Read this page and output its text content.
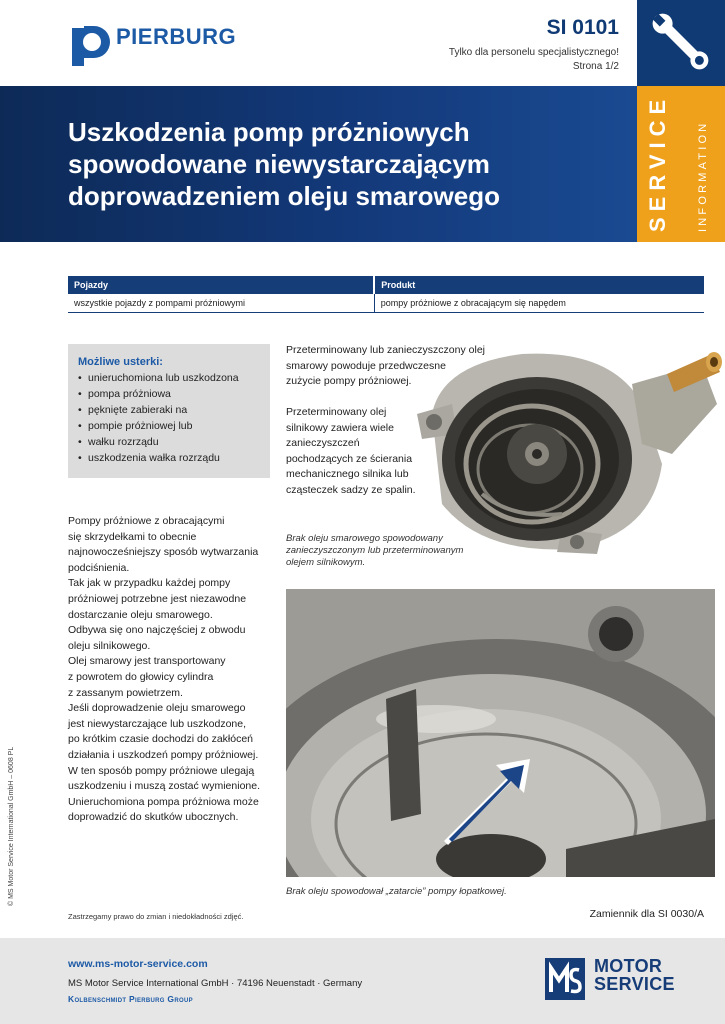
PIERBURG	SI 0101
Tylko dla personelu specjalistycznego!
Strona 1/2
Uszkodzenia pomp próżniowych
spowodowane niewystarczającym
doprowadzeniem oleju smarowego	SERVICE INFORMATION
Pojazdy	Produkt
wszystkie pojazdy z pompami próżniowymi	pompy próżniowe z obracającym się napędem
Możliwe usterki:
• unieruchomiona lub uszkodzona
• pompa próżniowa
• pęknięte zabieraki na
• pompie próżniowej lub
• wałku rozrządu
• uszkodzenia wałka rozrządu
Pompy próżniowe z obracającymi
się skrzydełkami to obecnie
najnowocześniejszy sposób wytwarzania
podciśnienia.
Tak jak w przypadku każdej pompy
próżniowej potrzebne jest niezawodne
dostarczanie oleju smarowego.
Odbywa się ono najczęściej z obwodu
oleju silnikowego.
Olej smarowy jest transportowany
z powrotem do głowicy cylindra
z zassanym powietrzem.
Jeśli doprowadzenie oleju smarowego
jest niewystarczające lub uszkodzone,
po krótkim czasie dochodzi do zakłóceń
działania i uszkodzeń pompy próżniowej.
W ten sposób pompy próżniowe ulegają
uszkodzeniu i muszą zostać wymienione.
Unieruchomiona pompa próżniowa może
doprowadzić do skutków ubocznych.
Przeterminowany lub zanieczyszczony olej
smarowy powoduje przedwczesne
zużycie pompy próżniowej.
Przeterminowany olej
silnikowy zawiera wiele
zanieczyszczeń
pochodzących ze ścierania
mechanicznego silnika lub
cząsteczek sadzy ze spalin.
Brak oleju smarowego spowodowany
zanieczyszczonym lub przeterminowanym
olejem silnikowym.
Brak oleju spowodował „zatarcie” pompy łopatkowej.
© MS Motor Service International GmbH – 0608 PL
Zastrzegamy prawo do zmian i niedokładności zdjęć.	Zamiennik dla SI 0030/A
www.ms-motor-service.com
MS Motor Service International GmbH · 74196 Neuenstadt · Germany
Kolbenschmidt Pierburg Group
MOTOR
SERVICE
